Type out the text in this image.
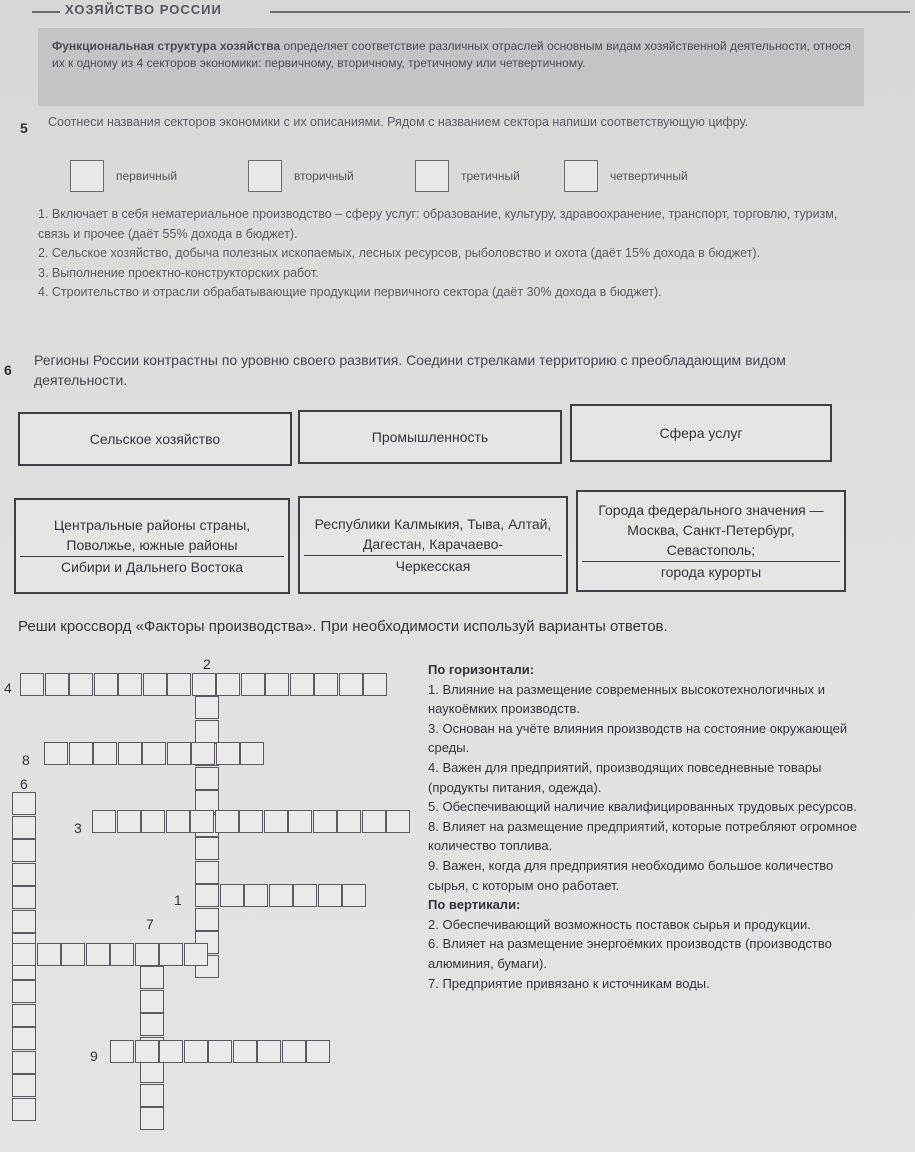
ХОЗЯЙСТВО РОССИИ
Функциональная структура хозяйства определяет соответствие различных отраслей основным видам хозяйственной деятельности, относя их к одному из 4 секторов экономики: первичному, вторичному, третичному или четвертичному.
5 Соотнеси названия секторов экономики с их описаниями. Рядом с названием сектора напиши соответствующую цифру.
первичный	вторичный	третичный	четвертичный
1. Включает в себя нематериальное производство – сферу услуг: образование, культуру, здравоохранение, транспорт, торговлю, туризм, связь и прочее (даёт 55% дохода в бюджет).
2. Сельское хозяйство, добыча полезных ископаемых, лесных ресурсов, рыболовство и охота (даёт 15% дохода в бюджет).
3. Выполнение проектно-конструкторских работ.
4. Строительство и отрасли обрабатывающие продукции первичного сектора (даёт 30% дохода в бюджет).
6
Регионы России контрастны по уровню своего развития. Соедини стрелками территорию с преобладающим видом деятельности.
Сельское хозяйство	Промышленность	Сфера услуг
Центральные районы страны, Поволжье, южные районы
Сибири и Дальнего Востока
Республики Калмыкия, Тыва, Алтай, Дагестан, Карачаево-
Черкесская
Города федерального значения — Москва, Санкт-Петербург, Севастополь;
города курорты
Реши кроссворд «Факторы производства». При необходимости используй варианты ответов.
2
4
8
6
3
1
7
9
По горизонтали:
1. Влияние на размещение современных высокотехнологичных и наукоёмких производств.
3. Основан на учёте влияния производств на состояние окружающей среды.
4. Важен для предприятий, производящих повседневные товары (продукты питания, одежда).
5. Обеспечивающий наличие квалифицированных трудовых ресурсов.
8. Влияет на размещение предприятий, которые потребляют огромное количество топлива.
9. Важен, когда для предприятия необходимо большое количество сырья, с которым оно работает.
По вертикали:
2. Обеспечивающий возможность поставок сырья и продукции.
6. Влияет на размещение энергоёмких производств (производство алюминия, бумаги).
7. Предприятие привязано к источникам воды.
